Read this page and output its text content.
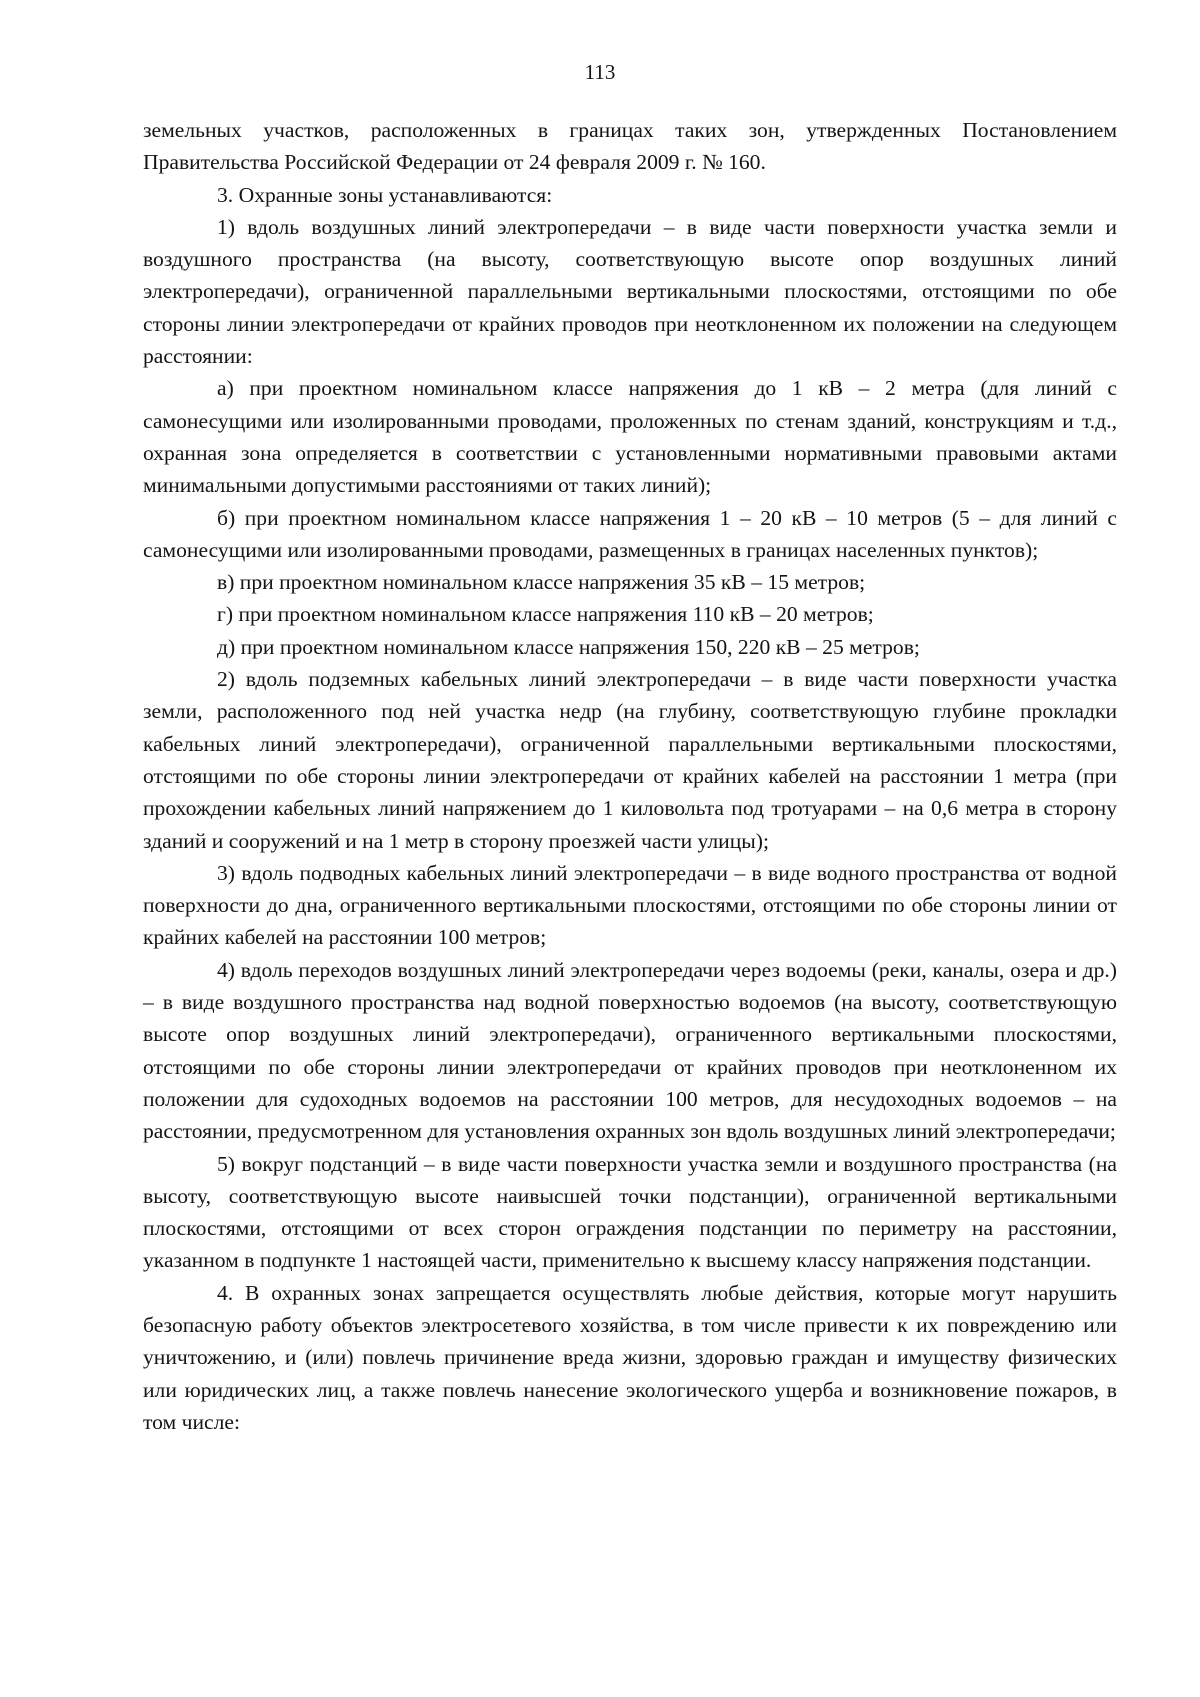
113

земельных участков, расположенных в границах таких зон, утвержденных Постановлением Правительства Российской Федерации от 24 февраля 2009 г. № 160.

3. Охранные зоны устанавливаются:

1) вдоль воздушных линий электропередачи – в виде части поверхности участка земли и воздушного пространства (на высоту, соответствующую высоте опор воздушных линий электропередачи), ограниченной параллельными вертикальными плоскостями, отстоящими по обе стороны линии электропередачи от крайних проводов при неотклоненном их положении на следующем расстоянии:

а) при проектном номинальном классе напряжения до 1 кВ – 2 метра (для линий с самонесущими или изолированными проводами, проложенных по стенам зданий, конструкциям и т.д., охранная зона определяется в соответствии с установленными нормативными правовыми актами минимальными допустимыми расстояниями от таких линий);

б) при проектном номинальном классе напряжения 1 – 20 кВ – 10 метров (5 – для линий с самонесущими или изолированными проводами, размещенных в границах населенных пунктов);

в) при проектном номинальном классе напряжения 35 кВ – 15 метров;

г) при проектном номинальном классе напряжения 110 кВ – 20 метров;

д) при проектном номинальном классе напряжения 150, 220 кВ – 25 метров;

2) вдоль подземных кабельных линий электропередачи – в виде части поверхности участка земли, расположенного под ней участка недр (на глубину, соответствующую глубине прокладки кабельных линий электропередачи), ограниченной параллельными вертикальными плоскостями, отстоящими по обе стороны линии электропередачи от крайних кабелей на расстоянии 1 метра (при прохождении кабельных линий напряжением до 1 киловольта под тротуарами – на 0,6 метра в сторону зданий и сооружений и на 1 метр в сторону проезжей части улицы);

3) вдоль подводных кабельных линий электропередачи – в виде водного пространства от водной поверхности до дна, ограниченного вертикальными плоскостями, отстоящими по обе стороны линии от крайних кабелей на расстоянии 100 метров;

4) вдоль переходов воздушных линий электропередачи через водоемы (реки, каналы, озера и др.) – в виде воздушного пространства над водной поверхностью водоемов (на высоту, соответствующую высоте опор воздушных линий электропередачи), ограниченного вертикальными плоскостями, отстоящими по обе стороны линии электропередачи от крайних проводов при неотклоненном их положении для судоходных водоемов на расстоянии 100 метров, для несудоходных водоемов – на расстоянии, предусмотренном для установления охранных зон вдоль воздушных линий электропередачи;

5) вокруг подстанций – в виде части поверхности участка земли и воздушного пространства (на высоту, соответствующую высоте наивысшей точки подстанции), ограниченной вертикальными плоскостями, отстоящими от всех сторон ограждения подстанции по периметру на расстоянии, указанном в подпункте 1 настоящей части, применительно к высшему классу напряжения подстанции.

4. В охранных зонах запрещается осуществлять любые действия, которые могут нарушить безопасную работу объектов электросетевого хозяйства, в том числе привести к их повреждению или уничтожению, и (или) повлечь причинение вреда жизни, здоровью граждан и имуществу физических или юридических лиц, а также повлечь нанесение экологического ущерба и возникновение пожаров, в том числе:
